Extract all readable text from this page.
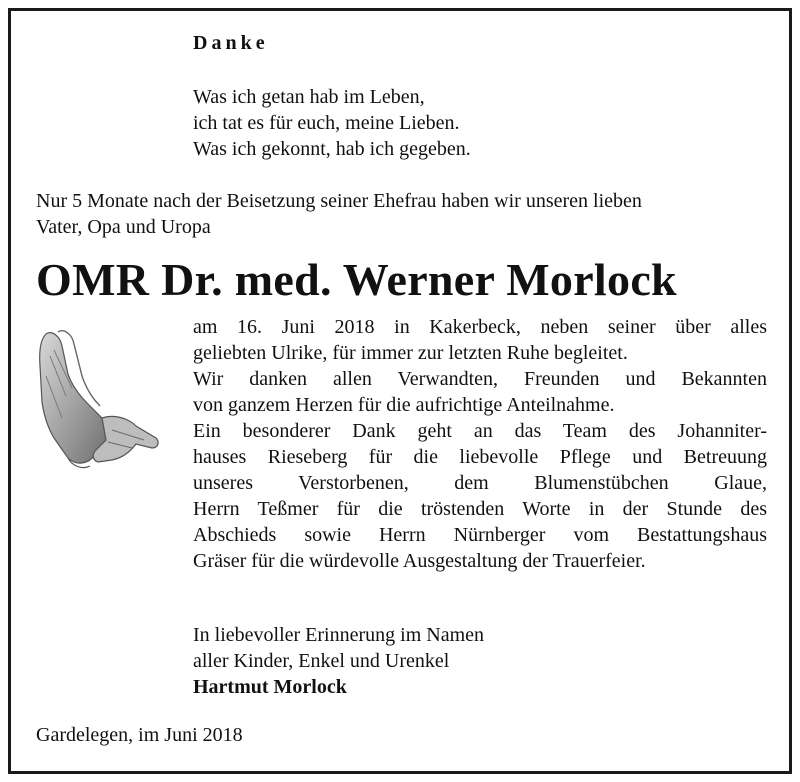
Danke
Was ich getan hab im Leben,
ich tat es für euch, meine Lieben.
Was ich gekonnt, hab ich gegeben.
Nur 5 Monate nach der Beisetzung seiner Ehefrau haben wir unseren lieben
Vater, Opa und Uropa
OMR Dr. med. Werner Morlock
am 16. Juni 2018 in Kakerbeck, neben seiner über alles
geliebten Ulrike, für immer zur letzten Ruhe begleitet.
Wir danken allen Verwandten, Freunden und Bekannten
von ganzem Herzen für die aufrichtige Anteilnahme.
Ein besonderer Dank geht an das Team des Johanniter-
hauses Rieseberg für die liebevolle Pflege und Betreuung
unseres Verstorbenen, dem Blumenstübchen Glaue,
Herrn Teßmer für die tröstenden Worte in der Stunde des
Abschieds sowie Herrn Nürnberger vom Bestattungshaus
Gräser für die würdevolle Ausgestaltung der Trauerfeier.
In liebevoller Erinnerung im Namen
aller Kinder, Enkel und Urenkel
Hartmut Morlock
Gardelegen, im Juni 2018
